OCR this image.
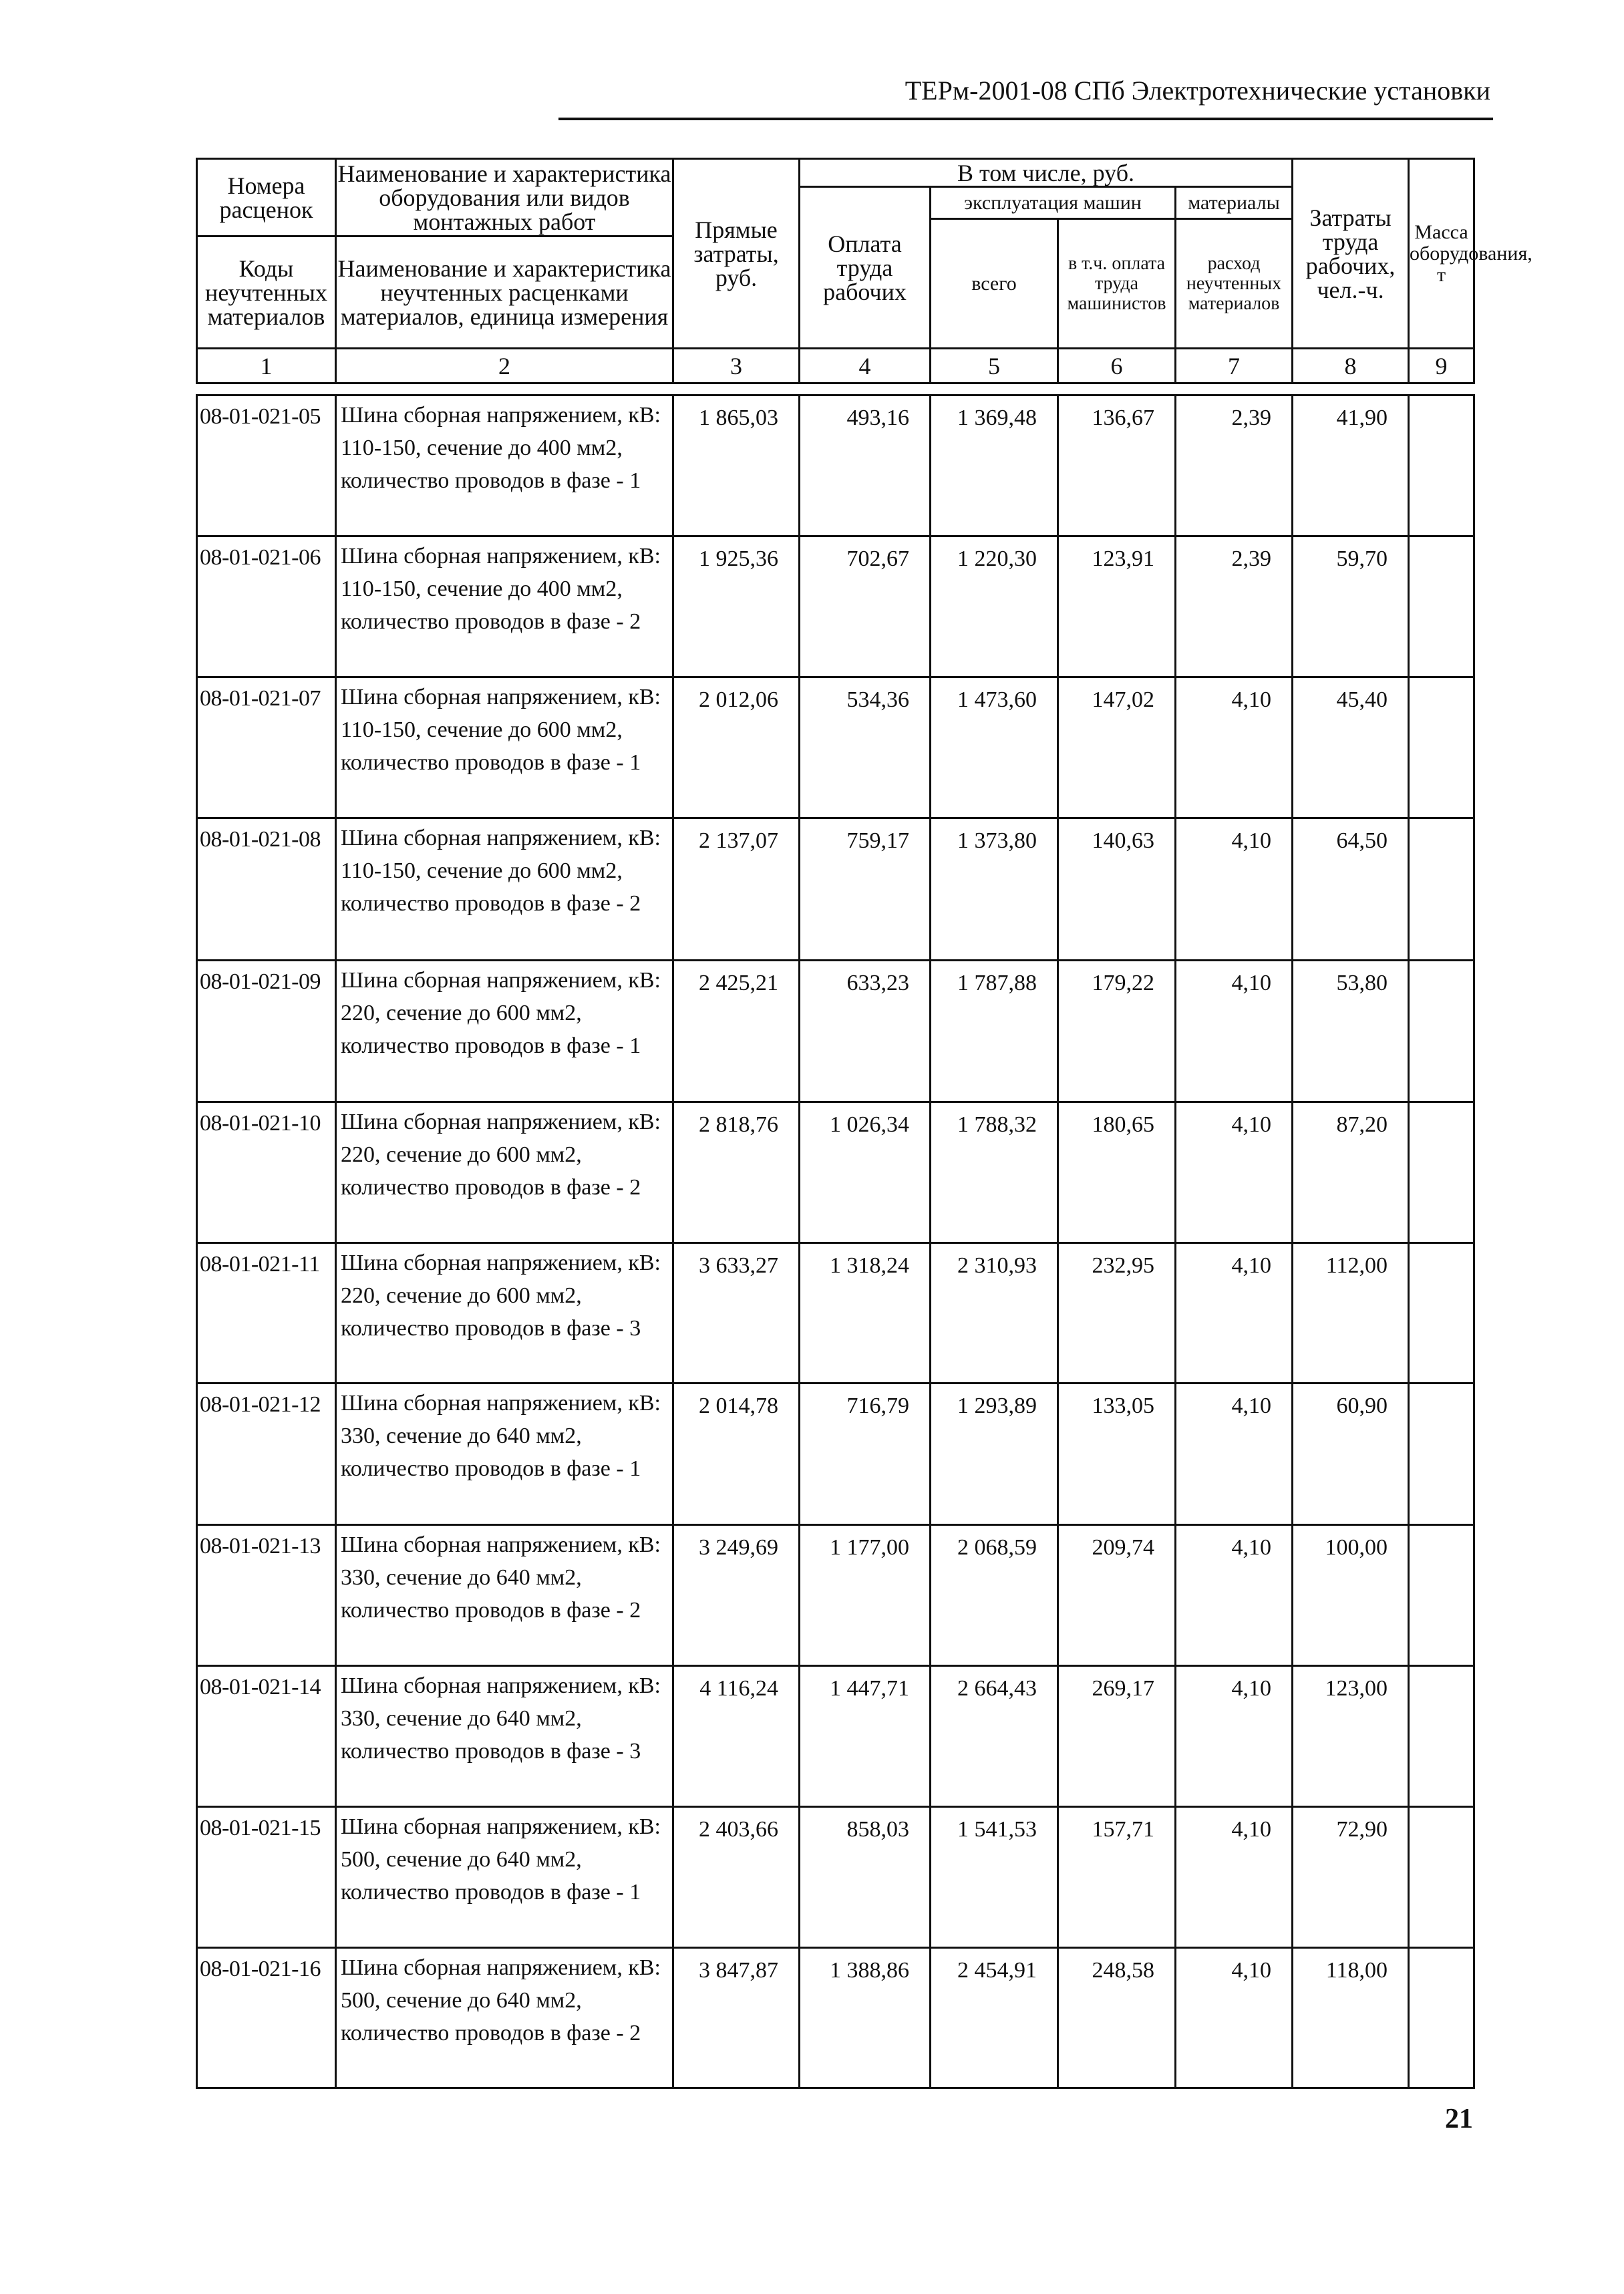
ТЕРм-2001-08 СПб Электротехнические установки
Номера расценок	Наименование и характеристика оборудования или видов монтажных работ	Прямые затраты, руб.	В том числе, руб.				Затраты труда рабочих, чел.-ч.	Масса оборудования, т
			Оплата труда рабочих	эксплуатация машин		материалы		
				всего	в т.ч. оплата труда машинистов	расход неучтенных материалов		
Коды неучтенных материалов	Наименование и характеристика неучтенных расценками материалов, единица измерения							

1	2	3	4	5	6	7	8	9
08-01-021-05	Шина сборная напряжением, кВ: 110-150, сечение до 400 мм2, количество проводов в фазе - 1	1 865,03	493,16	1 369,48	136,67	2,39	41,90	
08-01-021-06	Шина сборная напряжением, кВ: 110-150, сечение до 400 мм2, количество проводов в фазе - 2	1 925,36	702,67	1 220,30	123,91	2,39	59,70	
08-01-021-07	Шина сборная напряжением, кВ: 110-150, сечение до 600 мм2, количество проводов в фазе - 1	2 012,06	534,36	1 473,60	147,02	4,10	45,40	
08-01-021-08	Шина сборная напряжением, кВ: 110-150, сечение до 600 мм2, количество проводов в фазе - 2	2 137,07	759,17	1 373,80	140,63	4,10	64,50	
08-01-021-09	Шина сборная напряжением, кВ: 220, сечение до 600 мм2, количество проводов в фазе - 1	2 425,21	633,23	1 787,88	179,22	4,10	53,80	
08-01-021-10	Шина сборная напряжением, кВ: 220, сечение до 600 мм2, количество проводов в фазе - 2	2 818,76	1 026,34	1 788,32	180,65	4,10	87,20	
08-01-021-11	Шина сборная напряжением, кВ: 220, сечение до 600 мм2, количество проводов в фазе - 3	3 633,27	1 318,24	2 310,93	232,95	4,10	112,00	
08-01-021-12	Шина сборная напряжением, кВ: 330, сечение до 640 мм2, количество проводов в фазе - 1	2 014,78	716,79	1 293,89	133,05	4,10	60,90	
08-01-021-13	Шина сборная напряжением, кВ: 330, сечение до 640 мм2, количество проводов в фазе - 2	3 249,69	1 177,00	2 068,59	209,74	4,10	100,00	
08-01-021-14	Шина сборная напряжением, кВ: 330, сечение до 640 мм2, количество проводов в фазе - 3	4 116,24	1 447,71	2 664,43	269,17	4,10	123,00	
08-01-021-15	Шина сборная напряжением, кВ: 500, сечение до 640 мм2, количество проводов в фазе - 1	2 403,66	858,03	1 541,53	157,71	4,10	72,90	
08-01-021-16	Шина сборная напряжением, кВ: 500, сечение до 640 мм2, количество проводов в фазе - 2	3 847,87	1 388,86	2 454,91	248,58	4,10	118,00	
21
